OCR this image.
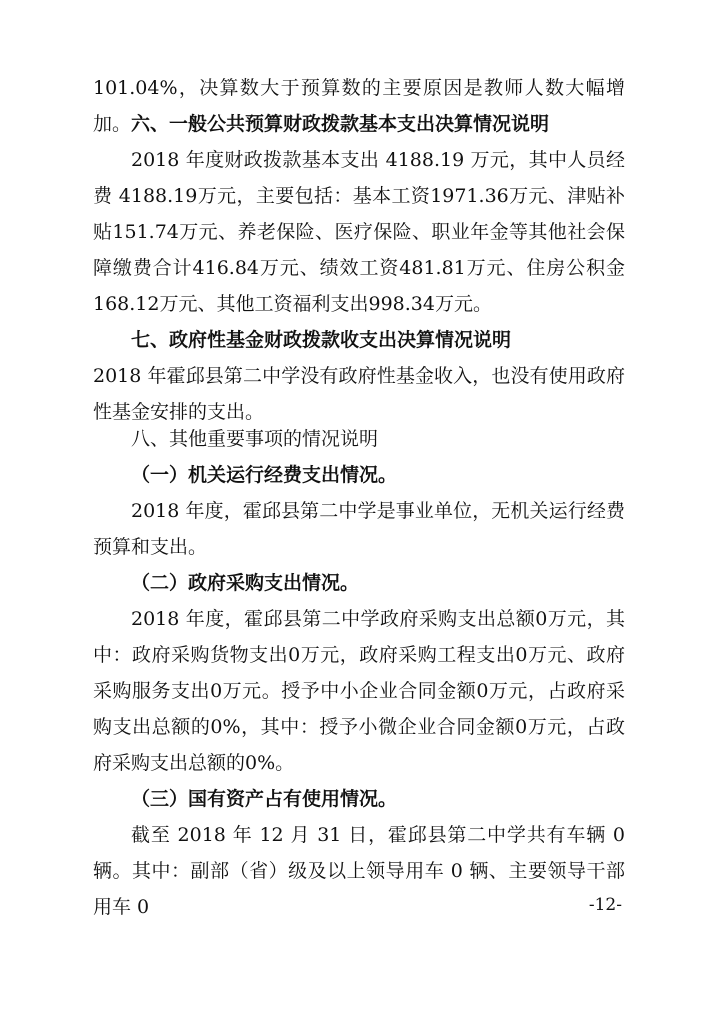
101.04%，决算数大于预算数的主要原因是教师人数大幅增加。 六、一般公共预算财政拨款基本支出决算情况说明
2018 年度财政拨款基本支出 4188.19 万元，其中人员经费 4188.19万元，主要包括：基本工资1971.36万元、津贴补贴151.74万元、养老保险、医疗保险、职业年金等其他社会保障缴费合计416.84万元、绩效工资481.81万元、住房公积金168.12万元、其他工资福利支出998.34万元。
七、政府性基金财政拨款收支出决算情况说明
2018 年霍邱县第二中学没有政府性基金收入，也没有使用政府性基金安排的支出。
八、其他重要事项的情况说明
（一）机关运行经费支出情况。
2018 年度，霍邱县第二中学是事业单位，无机关运行经费预算和支出。
（二）政府采购支出情况。
2018 年度，霍邱县第二中学政府采购支出总额0万元，其中：政府采购货物支出0万元，政府采购工程支出0万元、政府采购服务支出0万元。授予中小企业合同金额0万元，占政府采购支出总额的0%，其中：授予小微企业合同金额0万元，占政府采购支出总额的0%。
（三）国有资产占有使用情况。
截至 2018 年 12 月 31 日，霍邱县第二中学共有车辆 0 辆。其中：副部（省）级及以上领导用车 0 辆、主要领导干部用车 0	-12-
